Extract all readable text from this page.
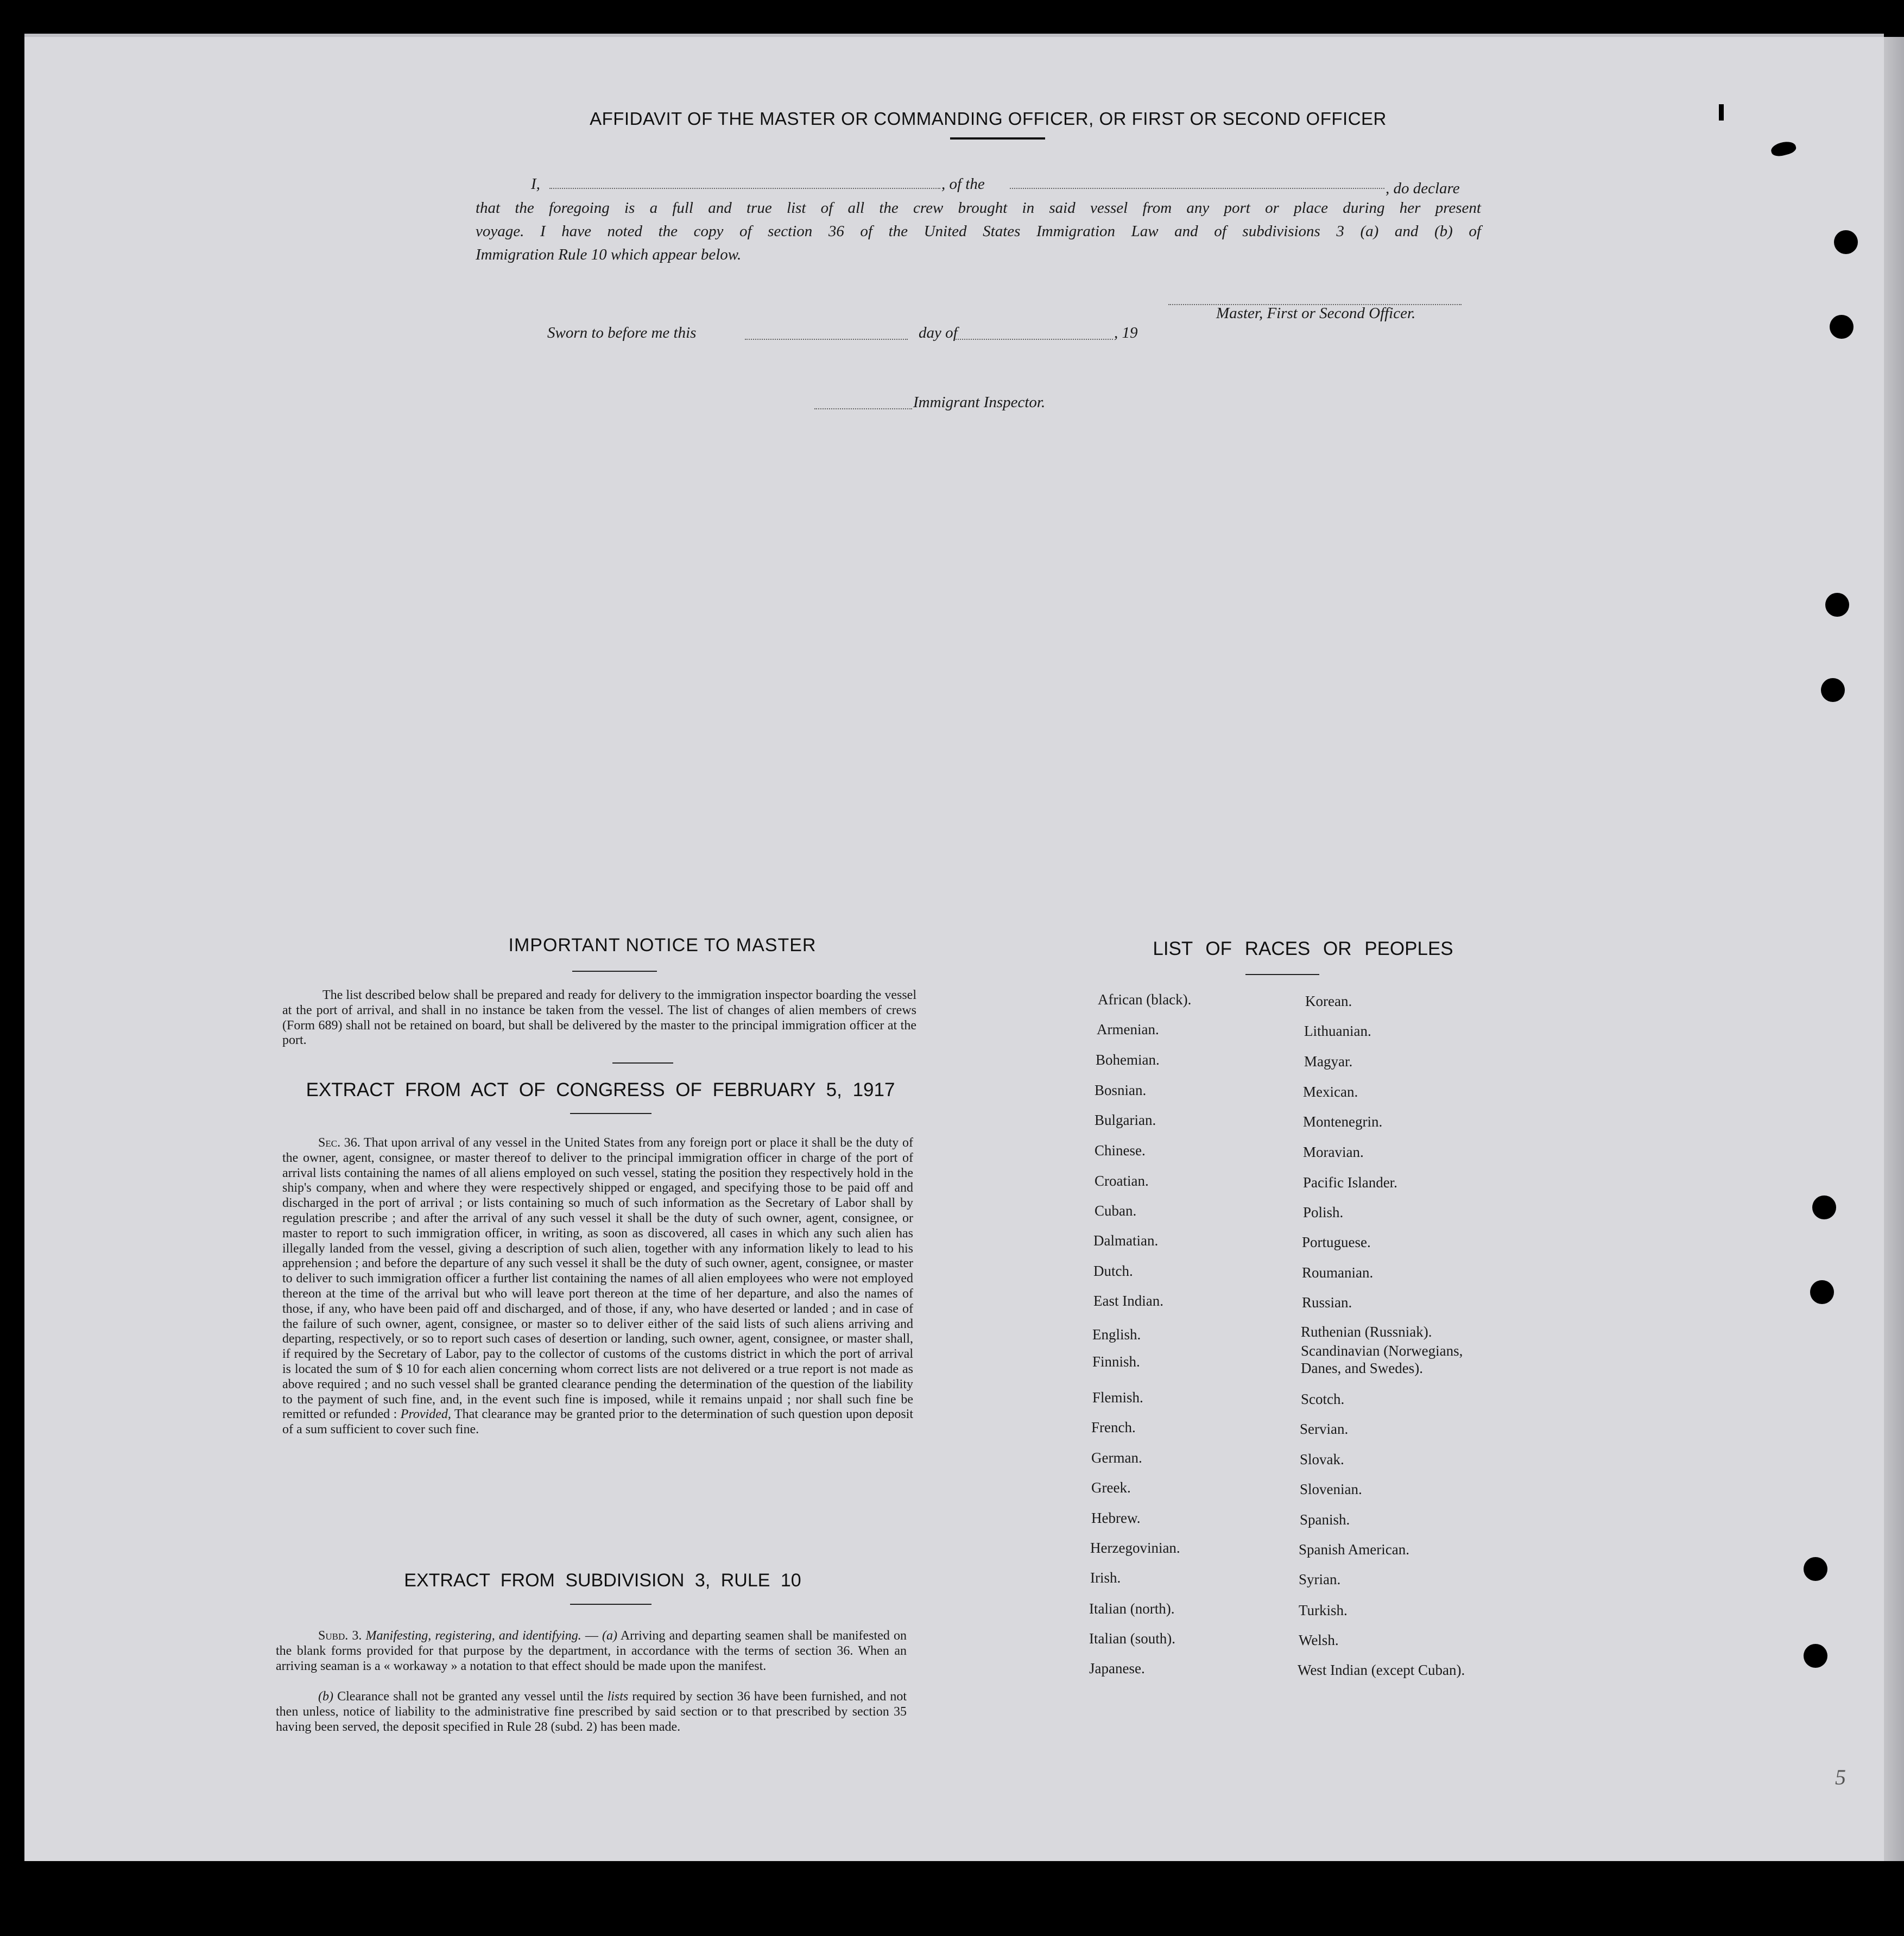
AFFIDAVIT OF THE MASTER OR COMMANDING OFFICER, OR FIRST OR SECOND OFFICER
I,	, of the	, do declare
that the foregoing is a full and true list of all the crew brought in said vessel from any port or place during her present
voyage. I have noted the copy of section 36 of the United States Immigration Law and of subdivisions 3 (a) and (b) of
Immigration Rule 10 which appear below.
Master, First or Second Officer.
Sworn to before me this	day of	, 19
Immigrant Inspector.
IMPORTANT NOTICE TO MASTER
The list described below shall be prepared and ready for delivery to the immigration inspector boarding the vessel at the port of arrival, and shall in no instance be taken from the vessel. The list of changes of alien members of crews (Form 689) shall not be retained on board, but shall be delivered by the master to the principal immigration officer at the port.
EXTRACT FROM ACT OF CONGRESS OF FEBRUARY 5, 1917
Sec. 36. That upon arrival of any vessel in the United States from any foreign port or place it shall be the duty of the owner, agent, consignee, or master thereof to deliver to the principal immigration officer in charge of the port of arrival lists containing the names of all aliens employed on such vessel, stating the position they respectively hold in the ship's company, when and where they were respectively shipped or engaged, and specifying those to be paid off and discharged in the port of arrival ; or lists containing so much of such information as the Secretary of Labor shall by regulation prescribe ; and after the arrival of any such vessel it shall be the duty of such owner, agent, consignee, or master to report to such immigration officer, in writing, as soon as discovered, all cases in which any such alien has illegally landed from the vessel, giving a description of such alien, together with any information likely to lead to his apprehension ; and before the departure of any such vessel it shall be the duty of such owner, agent, consignee, or master to deliver to such immigration officer a further list containing the names of all alien employees who were not employed thereon at the time of the arrival but who will leave port thereon at the time of her departure, and also the names of those, if any, who have been paid off and discharged, and of those, if any, who have deserted or landed ; and in case of the failure of such owner, agent, consignee, or master so to deliver either of the said lists of such aliens arriving and departing, respectively, or so to report such cases of desertion or landing, such owner, agent, consignee, or master shall, if required by the Secretary of Labor, pay to the collector of customs of the customs district in which the port of arrival is located the sum of $ 10 for each alien concerning whom correct lists are not delivered or a true report is not made as above required ; and no such vessel shall be granted clearance pending the determination of the question of the liability to the payment of such fine, and, in the event such fine is imposed, while it remains unpaid ; nor shall such fine be remitted or refunded : Provided, That clearance may be granted prior to the determination of such question upon deposit of a sum sufficient to cover such fine.
EXTRACT FROM SUBDIVISION 3, RULE 10
Subd. 3. Manifesting, registering, and identifying. — (a) Arriving and departing seamen shall be manifested on the blank forms provided for that purpose by the department, in accordance with the terms of section 36. When an arriving seaman is a « workaway » a notation to that effect should be made upon the manifest.
(b) Clearance shall not be granted any vessel until the lists required by section 36 have been furnished, and not then unless, notice of liability to the administrative fine prescribed by said section or to that prescribed by section 35 having been served, the deposit specified in Rule 28 (subd. 2) has been made.
LIST OF RACES OR PEOPLES
African (black).
Armenian.
Bohemian.
Bosnian.
Bulgarian.
Chinese.
Croatian.
Cuban.
Dalmatian.
Dutch.
East Indian.
English.
Finnish.
Flemish.
French.
German.
Greek.
Hebrew.
Herzegovinian.
Irish.
Italian (north).
Italian (south).
Japanese.
Korean.
Lithuanian.
Magyar.
Mexican.
Montenegrin.
Moravian.
Pacific Islander.
Polish.
Portuguese.
Roumanian.
Russian.
Ruthenian (Russniak).
Scandinavian (Norwegians,
Danes, and Swedes).
Scotch.
Servian.
Slovak.
Slovenian.
Spanish.
Spanish American.
Syrian.
Turkish.
Welsh.
West Indian (except Cuban).
5
